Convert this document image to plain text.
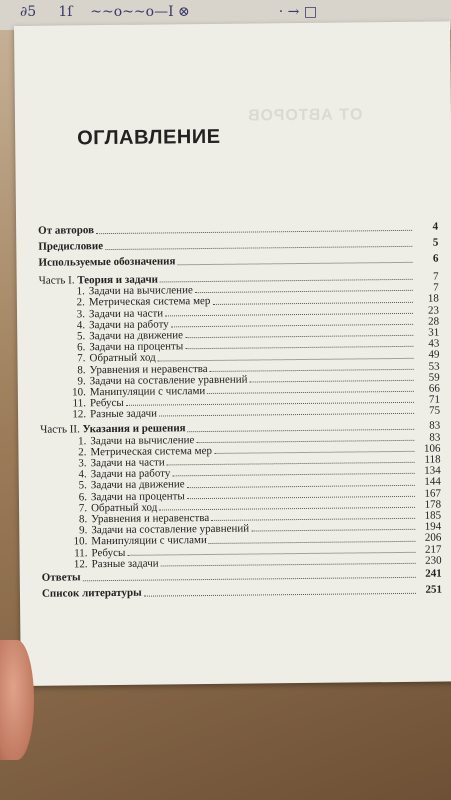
∂5     1ſ    ~~o~~o—I ⊗                    · → □
ОТ АВТОРОВ
ОГЛАВЛЕНИЕ
От авторов	4
Предисловие	5
Используемые обозначения	6
Часть I. Теория и задачи	7
1. Задачи на вычисление	7
2. Метрическая система мер	18
3. Задачи на части	23
4. Задачи на работу	28
5. Задачи на движение	31
6. Задачи на проценты	43
7. Обратный ход	49
8. Уравнения и неравенства	53
9. Задачи на составление уравнений	59
10. Манипуляции с числами	66
11. Ребусы	71
12. Разные задачи	75
Часть II. Указания и решения	83
1. Задачи на вычисление	83
2. Метрическая система мер	106
3. Задачи на части	118
4. Задачи на работу	134
5. Задачи на движение	144
6. Задачи на проценты	167
7. Обратный ход	178
8. Уравнения и неравенства	185
9. Задачи на составление уравнений	194
10. Манипуляции с числами	206
11. Ребусы	217
12. Разные задачи	230
Ответы	241
Список литературы	251
